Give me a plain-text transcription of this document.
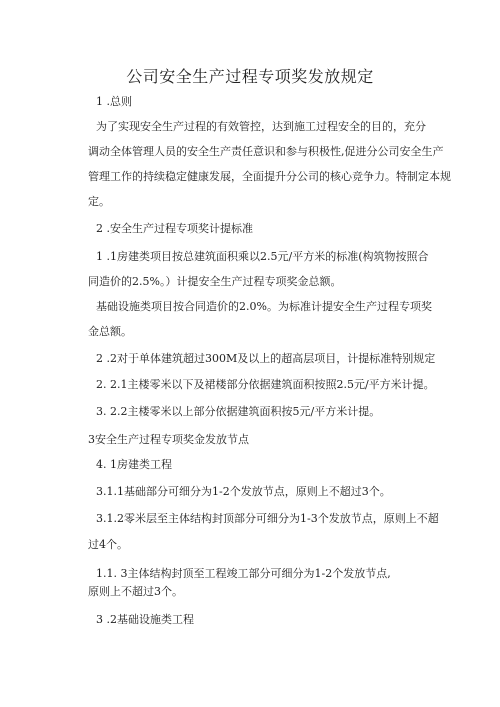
公司安全生产过程专项奖发放规定
1 .总则
为了实现安全生产过程的有效管控，达到施工过程安全的目的，充分
调动全体管理人员的安全生产责任意识和参与积极性,促进分公司安全生产
管理工作的持续稳定健康发展，全面提升分公司的核心竞争力。特制定本规
定。
2 .安全生产过程专项奖计提标准
1 .1房建类项目按总建筑面积乘以2.5元/平方米的标准(构筑物按照合
同造价的2.5%。）计提安全生产过程专项奖金总额。
基础设施类项目按合同造价的2.0%。为标准计提安全生产过程专项奖
金总额。
2 .2对于单体建筑超过300M及以上的超高层项目，计提标准特别规定
2. 2.1主楼零米以下及裙楼部分依据建筑面积按照2.5元/平方米计提。
3. 2.2主楼零米以上部分依据建筑面积按5元/平方米计提。
3安全生产过程专项奖金发放节点
4. 1房建类工程
3.1.1基础部分可细分为1-2个发放节点，原则上不超过3个。
3.1.2零米层至主体结构封顶部分可细分为1-3个发放节点，原则上不超
过4个。
1.1. 3主体结构封顶至工程竣工部分可细分为1-2个发放节点,
原则上不超过3个。
3 .2基础设施类工程
